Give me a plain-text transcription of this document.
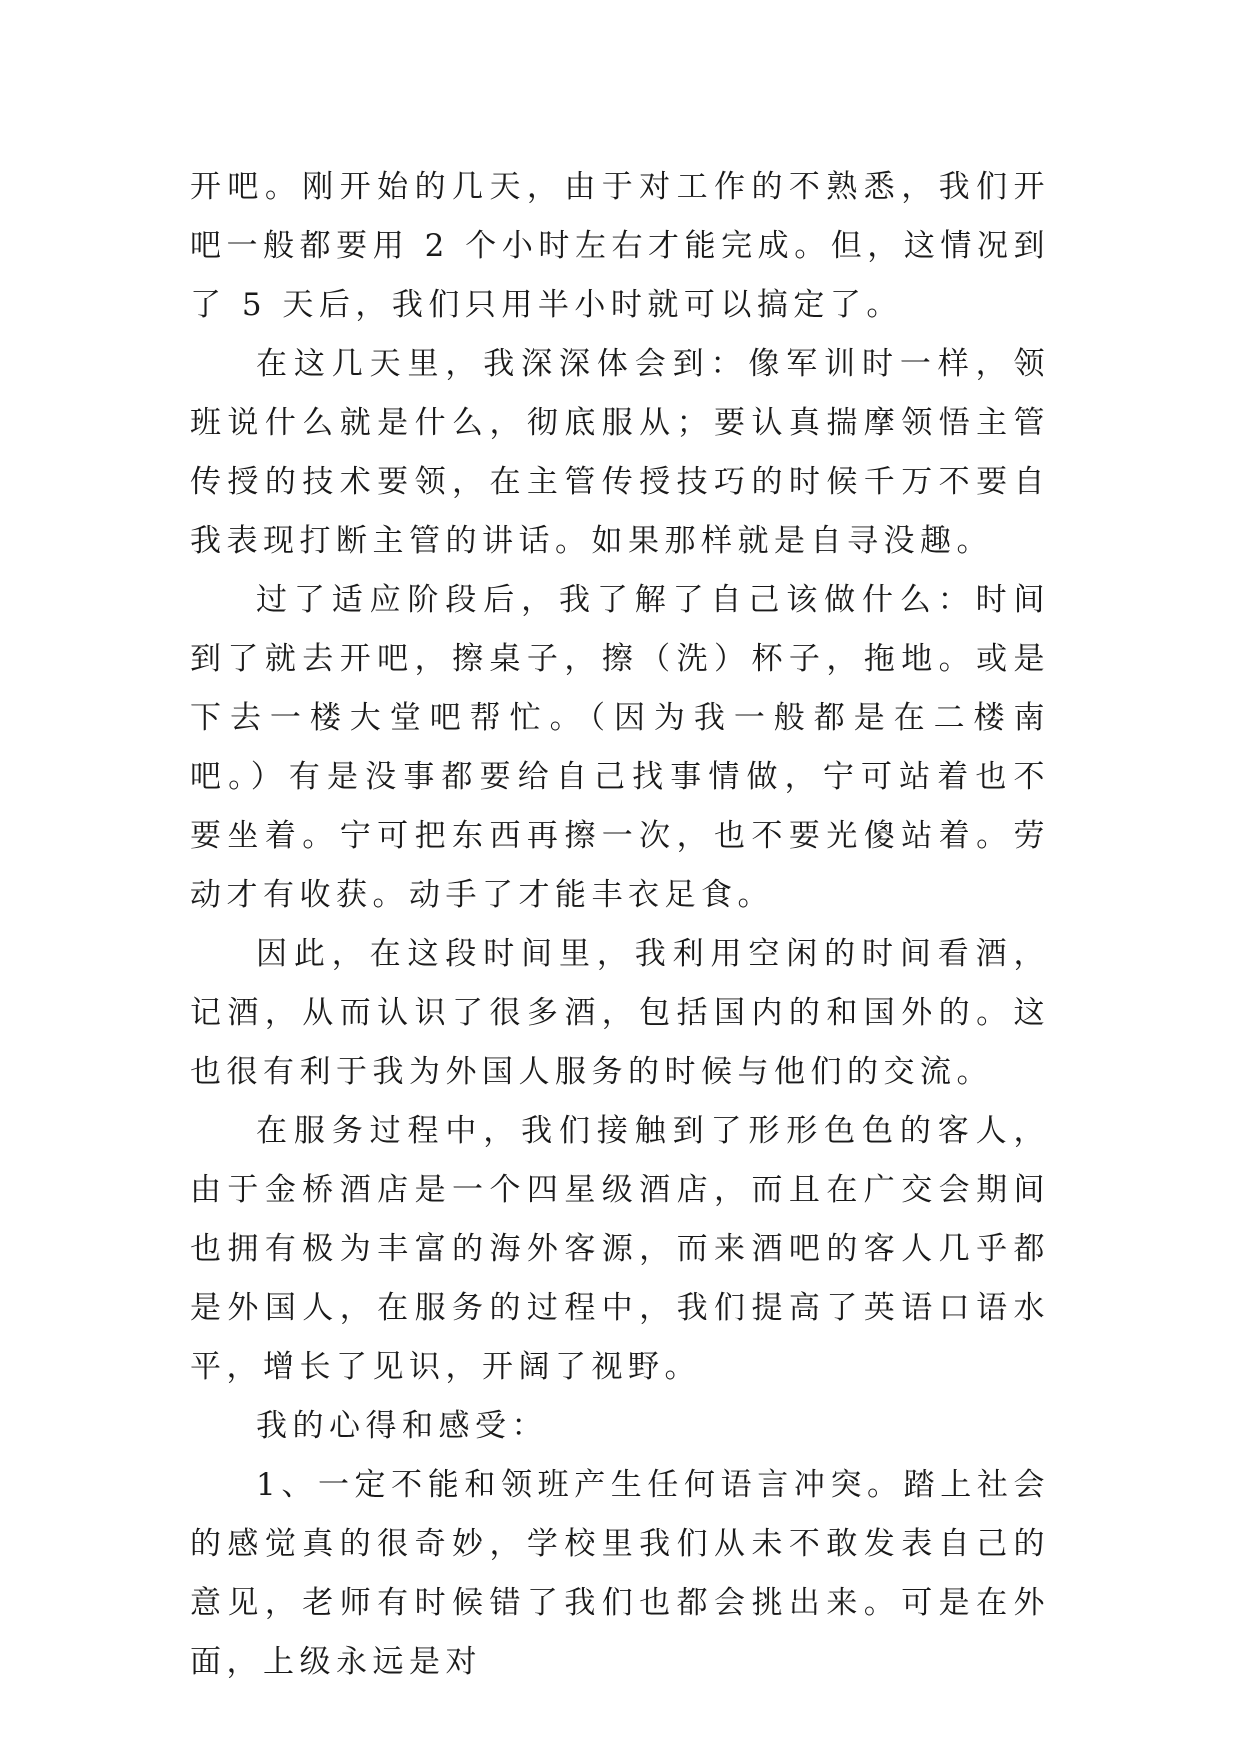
开吧。刚开始的几天，由于对工作的不熟悉，我们开吧一般都要用 2 个小时左右才能完成。但，这情况到了 5 天后，我们只用半小时就可以搞定了。

在这几天里，我深深体会到：像军训时一样，领班说什么就是什么，彻底服从；要认真揣摩领悟主管传授的技术要领，在主管传授技巧的时候千万不要自我表现打断主管的讲话。如果那样就是自寻没趣。

过了适应阶段后，我了解了自己该做什么：时间到了就去开吧，擦桌子，擦（洗）杯子，拖地。或是下去一楼大堂吧帮忙。（因为我一般都是在二楼南吧。）有是没事都要给自己找事情做，宁可站着也不要坐着。宁可把东西再擦一次，也不要光傻站着。劳动才有收获。动手了才能丰衣足食。

因此，在这段时间里，我利用空闲的时间看酒，记酒，从而认识了很多酒，包括国内的和国外的。这也很有利于我为外国人服务的时候与他们的交流。

在服务过程中，我们接触到了形形色色的客人，由于金桥酒店是一个四星级酒店，而且在广交会期间也拥有极为丰富的海外客源，而来酒吧的客人几乎都是外国人，在服务的过程中，我们提高了英语口语水平，增长了见识，开阔了视野。

我的心得和感受：

1、一定不能和领班产生任何语言冲突。踏上社会的感觉真的很奇妙，学校里我们从未不敢发表自己的意见，老师有时候错了我们也都会挑出来。可是在外面，上级永远是对
